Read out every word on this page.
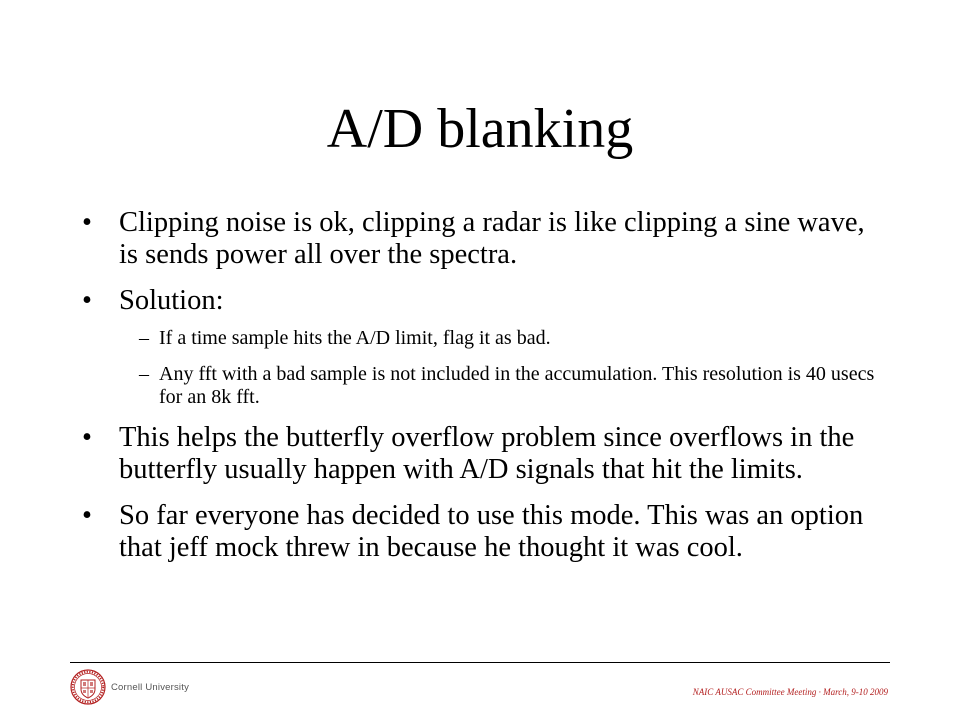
A/D blanking
• Clipping noise is ok, clipping a radar is like clipping a sine wave, is sends power all over the spectra.
• Solution:
– If a time sample hits the A/D limit, flag it as bad.
– Any fft with a bad sample is not included in the accumulation. This resolution is 40 usecs for an 8k fft.
• This helps the butterfly overflow problem since overflows in the butterfly usually happen with A/D signals that hit the limits.
• So far everyone has decided to use this mode. This was an option that jeff mock threw in because he thought it was cool.
Cornell University	NAIC AUSAC Committee Meeting · March, 9-10 2009
